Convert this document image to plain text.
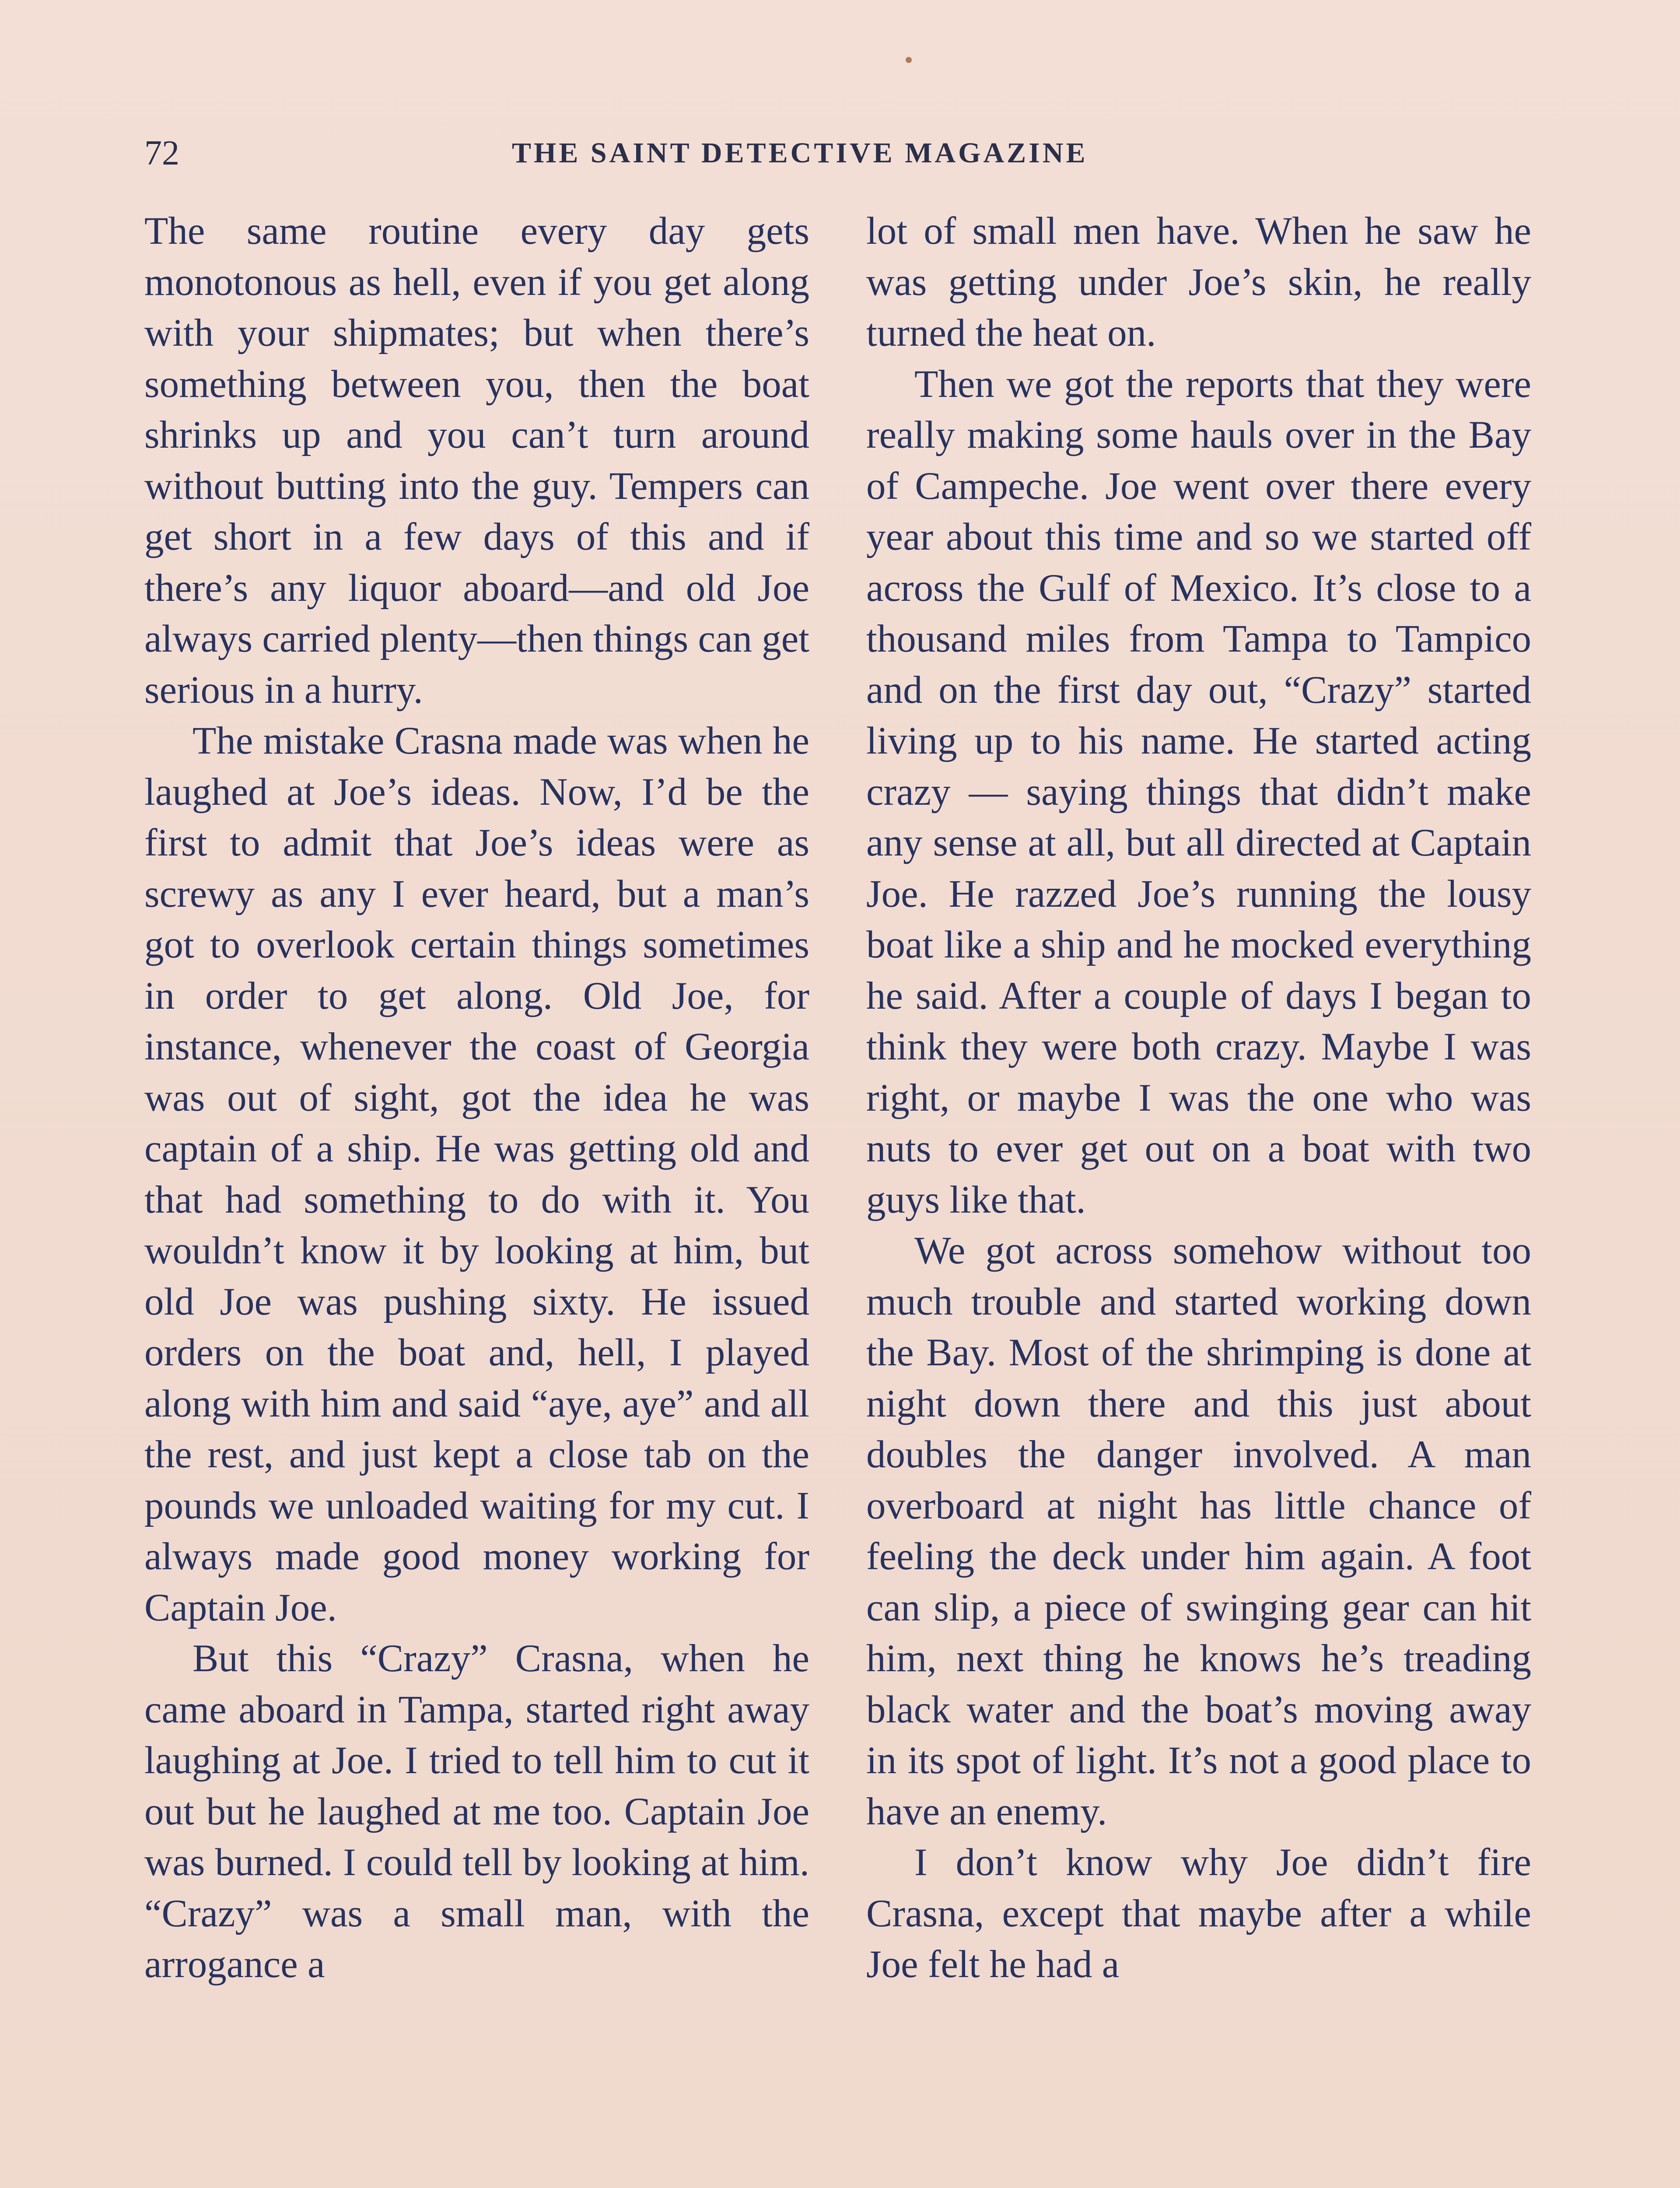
72	THE SAINT DETECTIVE MAGAZINE

The same routine every day gets monotonous as hell, even if you get along with your shipmates; but when there’s something between you, then the boat shrinks up and you can’t turn around without butting into the guy. Tempers can get short in a few days of this and if there’s any liquor aboard—and old Joe always carried plenty—then things can get serious in a hurry.

The mistake Crasna made was when he laughed at Joe’s ideas. Now, I’d be the first to admit that Joe’s ideas were as screwy as any I ever heard, but a man’s got to overlook certain things sometimes in order to get along. Old Joe, for instance, whenever the coast of Georgia was out of sight, got the idea he was captain of a ship. He was getting old and that had something to do with it. You wouldn’t know it by looking at him, but old Joe was pushing sixty. He issued orders on the boat and, hell, I played along with him and said “aye, aye” and all the rest, and just kept a close tab on the pounds we unloaded waiting for my cut. I always made good money working for Captain Joe.

But this “Crazy” Crasna, when he came aboard in Tampa, started right away laughing at Joe. I tried to tell him to cut it out but he laughed at me too. Captain Joe was burned. I could tell by looking at him. “Crazy” was a small man, with the arrogance a

lot of small men have. When he saw he was getting under Joe’s skin, he really turned the heat on.

Then we got the reports that they were really making some hauls over in the Bay of Campeche. Joe went over there every year about this time and so we started off across the Gulf of Mexico. It’s close to a thousand miles from Tampa to Tampico and on the first day out, “Crazy” started living up to his name. He started acting crazy — saying things that didn’t make any sense at all, but all directed at Captain Joe. He razzed Joe’s running the lousy boat like a ship and he mocked everything he said. After a couple of days I began to think they were both crazy. Maybe I was right, or maybe I was the one who was nuts to ever get out on a boat with two guys like that.

We got across somehow without too much trouble and started working down the Bay. Most of the shrimping is done at night down there and this just about doubles the danger involved. A man overboard at night has little chance of feeling the deck under him again. A foot can slip, a piece of swinging gear can hit him, next thing he knows he’s treading black water and the boat’s moving away in its spot of light. It’s not a good place to have an enemy.

I don’t know why Joe didn’t fire Crasna, except that maybe after a while Joe felt he had a
